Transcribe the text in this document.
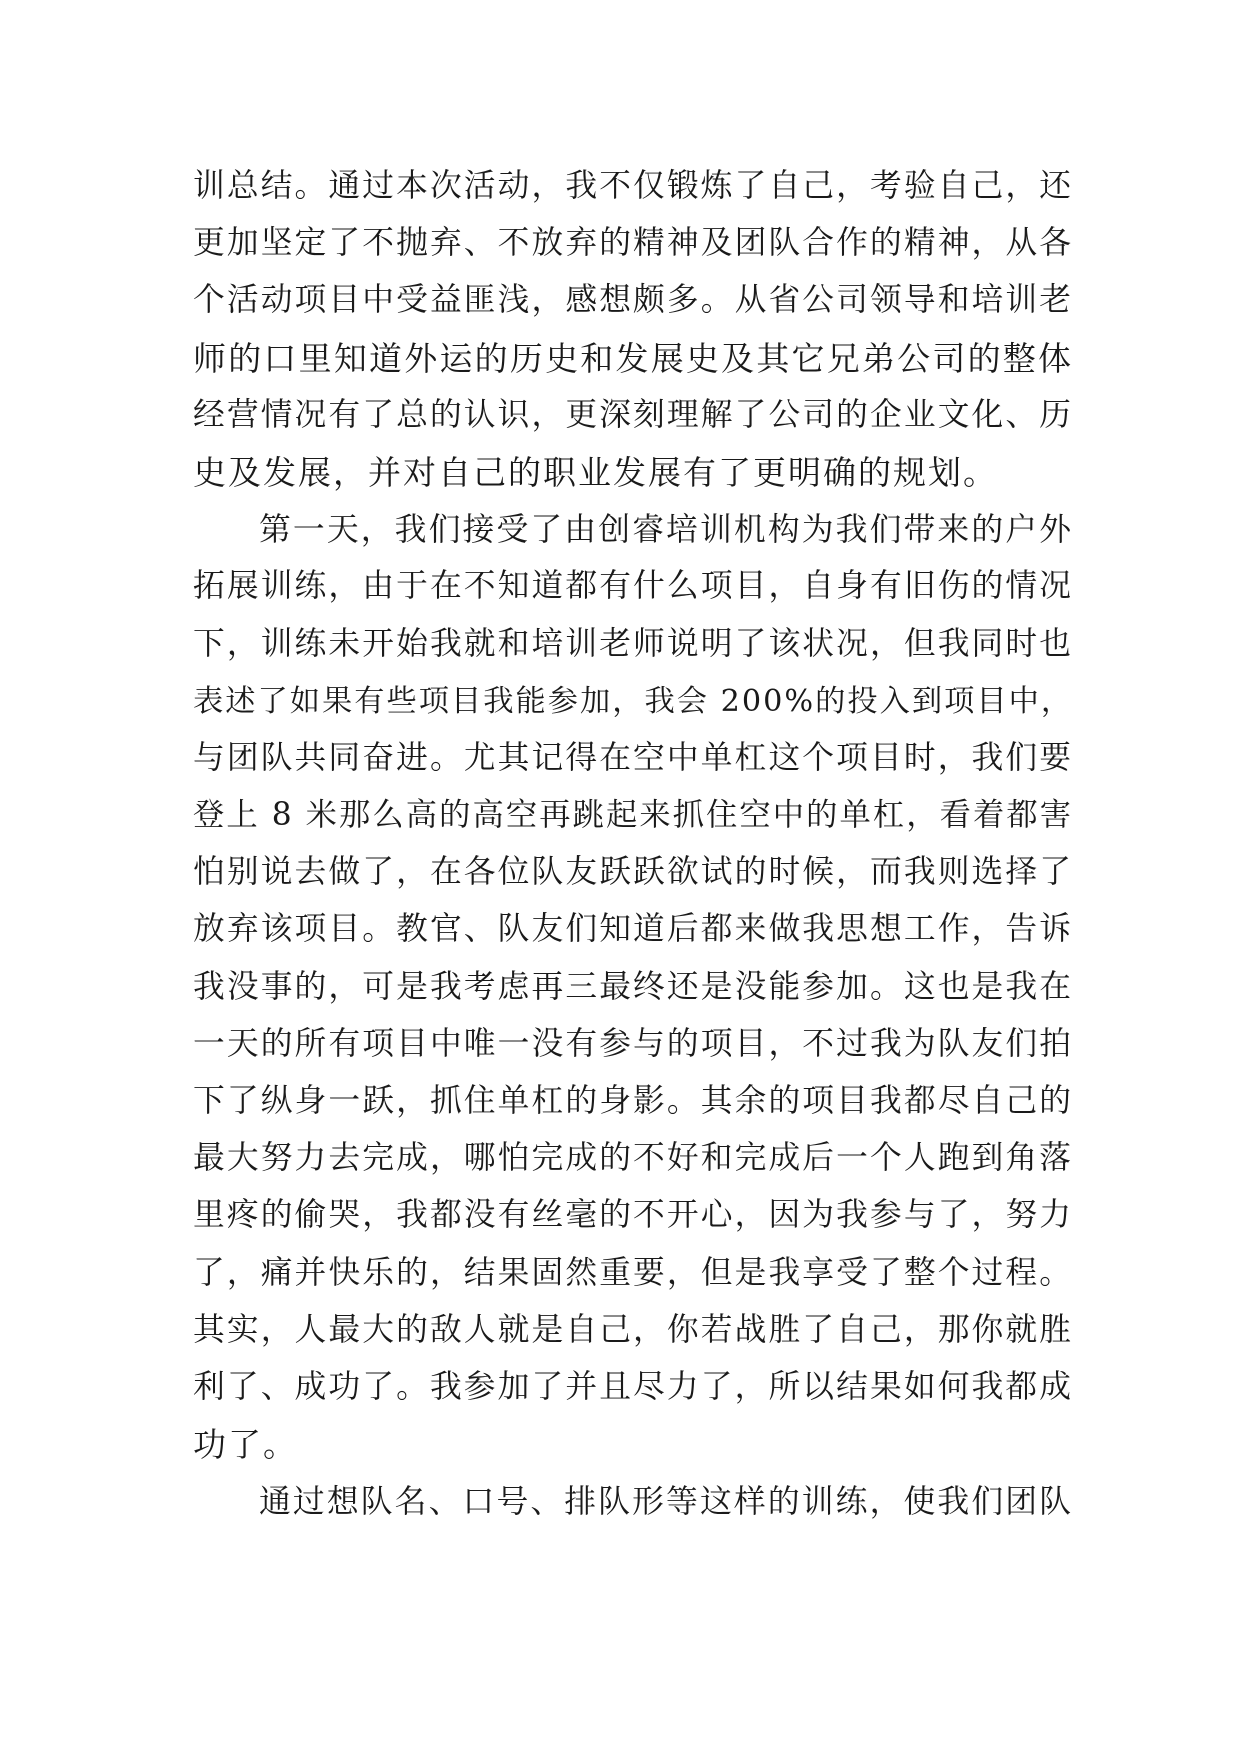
训总结。通过本次活动，我不仅锻炼了自己，考验自己，还
更加坚定了不抛弃、不放弃的精神及团队合作的精神，从各
个活动项目中受益匪浅，感想颇多。从省公司领导和培训老
师的口里知道外运的历史和发展史及其它兄弟公司的整体
经营情况有了总的认识，更深刻理解了公司的企业文化、历
史及发展，并对自己的职业发展有了更明确的规划。
第一天，我们接受了由创睿培训机构为我们带来的户外
拓展训练，由于在不知道都有什么项目，自身有旧伤的情况
下，训练未开始我就和培训老师说明了该状况，但我同时也
表述了如果有些项目我能参加，我会 200%的投入到项目中，
与团队共同奋进。尤其记得在空中单杠这个项目时，我们要
登上 8 米那么高的高空再跳起来抓住空中的单杠，看着都害
怕别说去做了，在各位队友跃跃欲试的时候，而我则选择了
放弃该项目。教官、队友们知道后都来做我思想工作，告诉
我没事的，可是我考虑再三最终还是没能参加。这也是我在
一天的所有项目中唯一没有参与的项目，不过我为队友们拍
下了纵身一跃，抓住单杠的身影。其余的项目我都尽自己的
最大努力去完成，哪怕完成的不好和完成后一个人跑到角落
里疼的偷哭，我都没有丝毫的不开心，因为我参与了，努力
了，痛并快乐的，结果固然重要，但是我享受了整个过程。
其实，人最大的敌人就是自己，你若战胜了自己，那你就胜
利了、成功了。我参加了并且尽力了，所以结果如何我都成
功了。
通过想队名、口号、排队形等这样的训练，使我们团队
